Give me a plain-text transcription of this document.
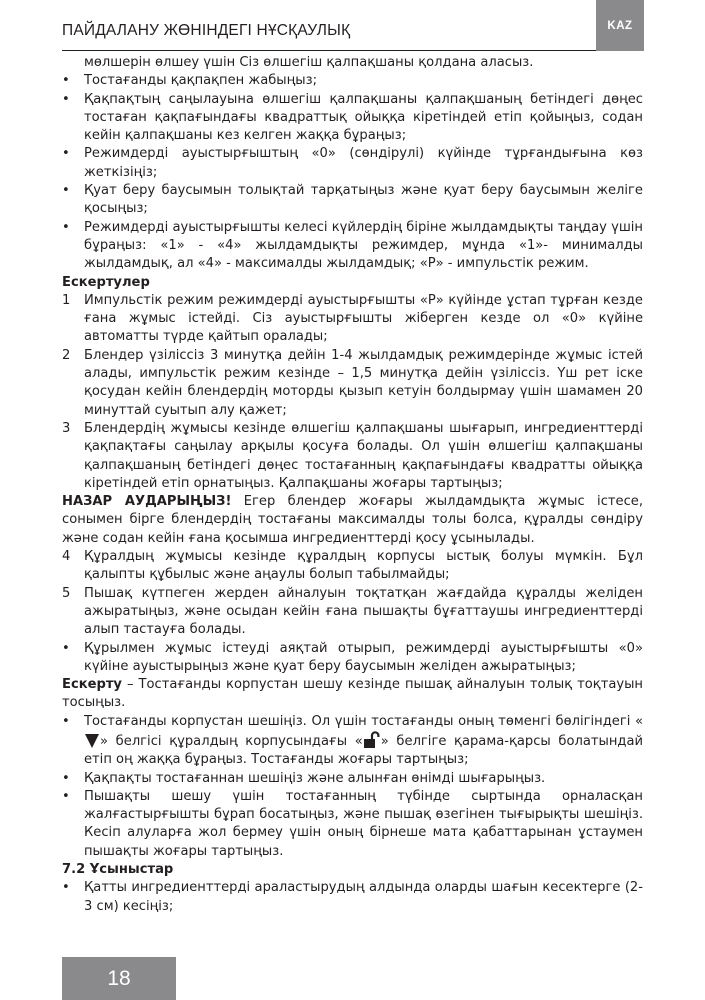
ПАЙДАЛАНУ ЖӨНІНДЕГІ НҰСҚАУЛЫҚ	KAZ

мөлшерін өлшеу үшін Сіз өлшегіш қалпақшаны қолдана аласыз.

•	Тостағанды қақпақпен жабыңыз;
•	Қақпақтың саңылауына өлшегіш қалпақшаны қалпақшаның бетіндегі дөңес тостаған қақпағындағы квадраттық ойыққа кіретіндей етіп қойыңыз, содан кейін қалпақшаны кез келген жаққа бұраңыз;
•	Режимдерді ауыстырғыштың «0» (сөндірулі) күйінде тұрғандығына көз жеткізіңіз;
•	Қуат беру баусымын толықтай тарқатыңыз және қуат беру баусымын желіге қосыңыз;
•	Режимдерді ауыстырғышты келесі күйлердің біріне жылдамдықты таңдау үшін бұраңыз: «1» - «4» жылдамдықты режимдер, мұнда «1»- минималды жылдамдық, ал «4» - максималды жылдамдық; «Р» - импульстік режим.

Ескертулер

1	Импульстік режим режимдерді ауыстырғышты «Р» күйінде ұстап тұрған кезде ғана жұмыс істейді. Сіз ауыстырғышты жіберген кезде ол «0» күйіне автоматты түрде қайтып оралады;
2	Блендер үзіліссіз 3 минутқа дейін 1-4 жылдамдық режимдерінде жұмыс істей алады, импульстік режим кезінде – 1,5 минутқа дейін үзіліссіз. Үш рет іске қосудан кейін блендердің моторды қызып кетуін болдырмау үшін шамамен 20 минуттай суытып алу қажет;
3	Блендердің жұмысы кезінде өлшегіш қалпақшаны шығарып, ингредиенттерді қақпақтағы саңылау арқылы қосуға болады. Ол үшін өлшегіш қалпақшаны қалпақшаның бетіндегі дөңес тостағанның қақпағындағы квадратты ойыққа кіретіндей етіп орнатыңыз. Қалпақшаны жоғары тартыңыз;

НАЗАР АУДАРЫҢЫЗ! Егер блендер жоғары жылдамдықта жұмыс істесе, сонымен бірге блендердің тостағаны максималды толы болса, құралды сөндіру және содан кейін ғана қосымша ингредиенттерді қосу ұсынылады.

4	Құралдың жұмысы кезінде құралдың корпусы ыстық болуы мүмкін. Бұл қалыпты құбылыс және аңаулы болып табылмайды;
5	Пышақ күтпеген жерден айналуын тоқтатқан жағдайда құралды желіден ажыратыңыз, және осыдан кейін ғана пышақты бұғаттаушы ингредиенттерді алып тастауға болады.
•	Құрылмен жұмыс істеуді аяқтай отырып, режимдерді ауыстырғышты «0» күйіне ауыстырыңыз және қуат беру баусымын желіден ажыратыңыз;

Ескерту – Тостағанды корпустан шешу кезінде пышақ айналуын толық тоқтауын тосыңыз.

•	Тостағанды корпустан шешіңіз. Ол үшін тостағанды оның төменгі бөлігіндегі «» белгісі құралдың корпусындағы « » белгіге қарама-қарсы болатындай етіп оң жаққа бұраңыз. Тостағанды жоғары тартыңыз;
•	Қақпақты тостағаннан шешіңіз және алынған өнімді шығарыңыз.
•	Пышақты шешу үшін тостағанның түбінде сыртында орналасқан жалғастырғышты бұрап босатыңыз, және пышақ өзегінен тығырықты шешіңіз. Кесіп алуларға жол бермеу үшін оның бірнеше мата қабаттарынан ұстаумен пышақты жоғары тартыңыз.

7.2 Ұсыныстар

•	Қатты ингредиенттерді араластырудың алдында оларды шағын кесектерге (2-3 см) кесіңіз;
18
